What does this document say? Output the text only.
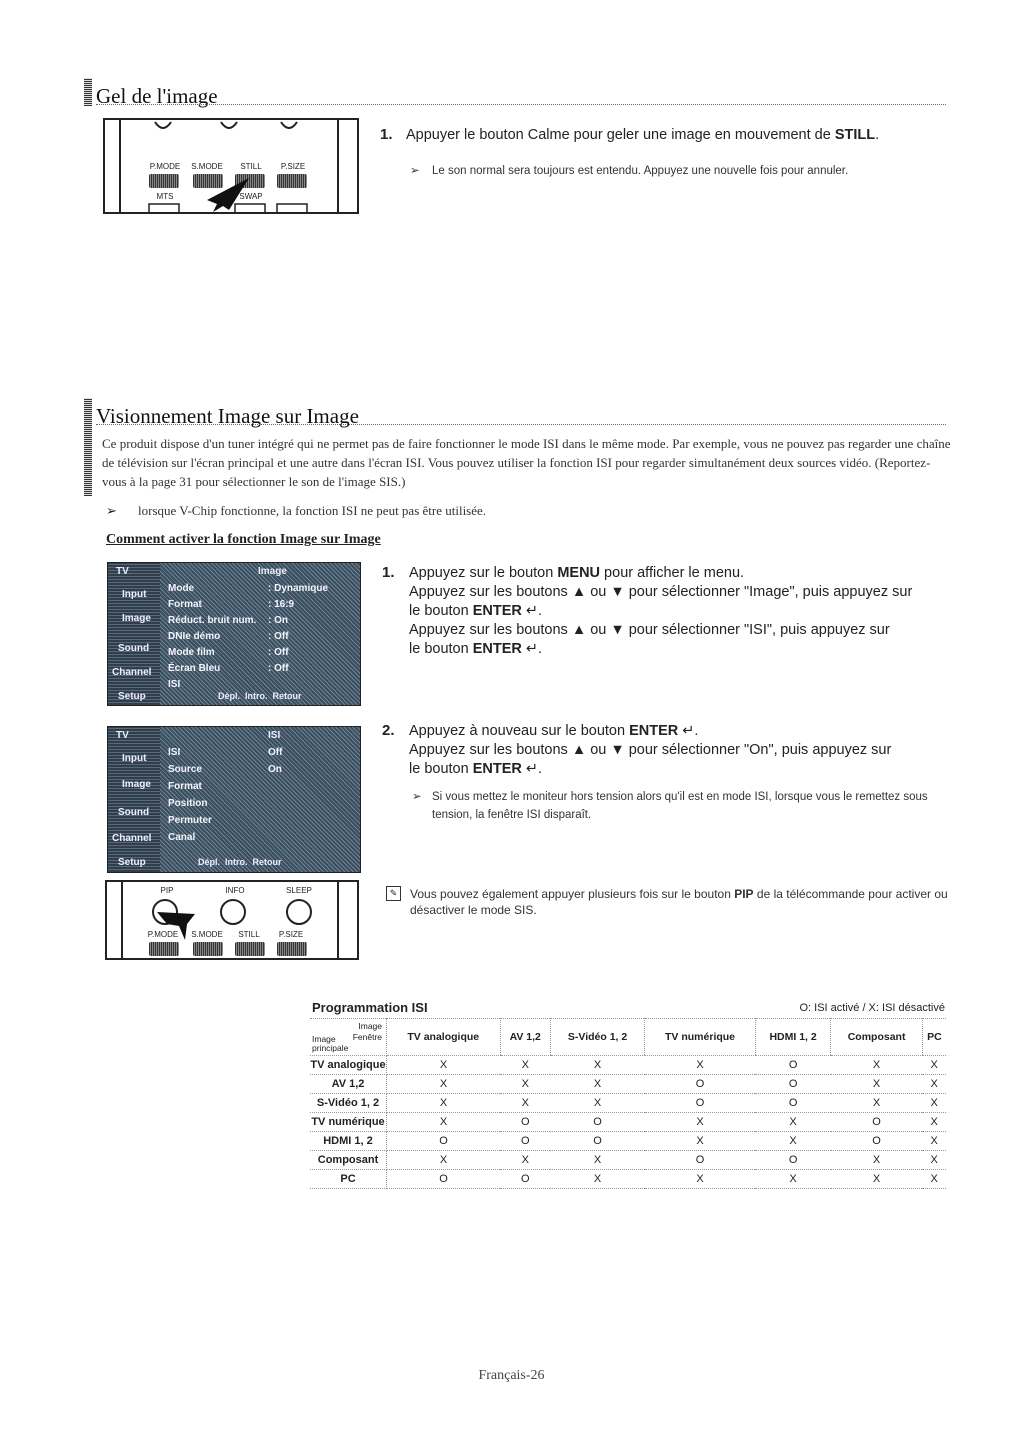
Gel de l'image
P.MODE	S.MODE	STILL	P.SIZE
MTS	SWAP
1. Appuyer le bouton Calme pour geler une image en mouvement de STILL.
➢ Le son normal sera toujours est entendu. Appuyez une nouvelle fois pour annuler.
Visionnement Image sur Image
Ce produit dispose d'un tuner intégré qui ne permet pas de faire fonctionner le mode ISI dans le même mode. Par exemple, vous ne pouvez pas regarder une chaîne de télévision sur l'écran principal et une autre dans l'écran ISI. Vous pouvez utiliser la fonction ISI pour regarder simultanément deux sources vidéo. (Reportez-vous à la page 31 pour sélectionner le son de l'image SIS.)
➢ lorsque V-Chip fonctionne, la fonction ISI ne peut pas être utilisée.
Comment activer la fonction Image sur Image
TV	Image
Input
Image
Sound
Channel
Setup
Mode	: Dynamique
Format	: 16:9
Réduct. bruit num. : On
DNIe démo	: Off
Mode film	: Off
Écran Bleu	: Off
ISI
Dépl. Intro. Retour
TV	ISI
Input
Image
Sound
Channel
Setup
ISI	Off
Source	On
Format
Position
Permuter
Canal
Dépl. Intro. Retour
1. Appuyez sur le bouton MENU pour afficher le menu.
Appuyez sur les boutons ▲ ou ▼ pour sélectionner "Image", puis appuyez sur
le bouton ENTER ↵.
Appuyez sur les boutons ▲ ou ▼ pour sélectionner "ISI", puis appuyez sur
le bouton ENTER ↵.
2. Appuyez à nouveau sur le bouton ENTER ↵.
Appuyez sur les boutons ▲ ou ▼ pour sélectionner "On", puis appuyez sur
le bouton ENTER ↵.
➢ Si vous mettez le moniteur hors tension alors qu'il est en mode ISI, lorsque vous le remettez sous tension, la fenêtre ISI disparaît.
PIP	INFO	SLEEP
P.MODE	S.MODE	STILL	P.SIZE
✎	Vous pouvez également appuyer plusieurs fois sur le bouton PIP de la télécommande pour activer ou désactiver le mode SIS.
Programmation ISI	O: ISI activé / X: ISI désactivé
Image
Fenêtre
Image principale	TV analogique	AV 1,2	S-Vidéo 1, 2	TV numérique	HDMI 1, 2	Composant	PC
TV analogique	X	X	X	X	O	X	X
AV 1,2	X	X	X	O	O	X	X
S-Vidéo 1, 2	X	X	X	O	O	X	X
TV numérique	X	O	O	X	X	O	X
HDMI 1, 2	O	O	O	X	X	O	X
Composant	X	X	X	O	O	X	X
PC	O	O	X	X	X	X	X
Français-26
